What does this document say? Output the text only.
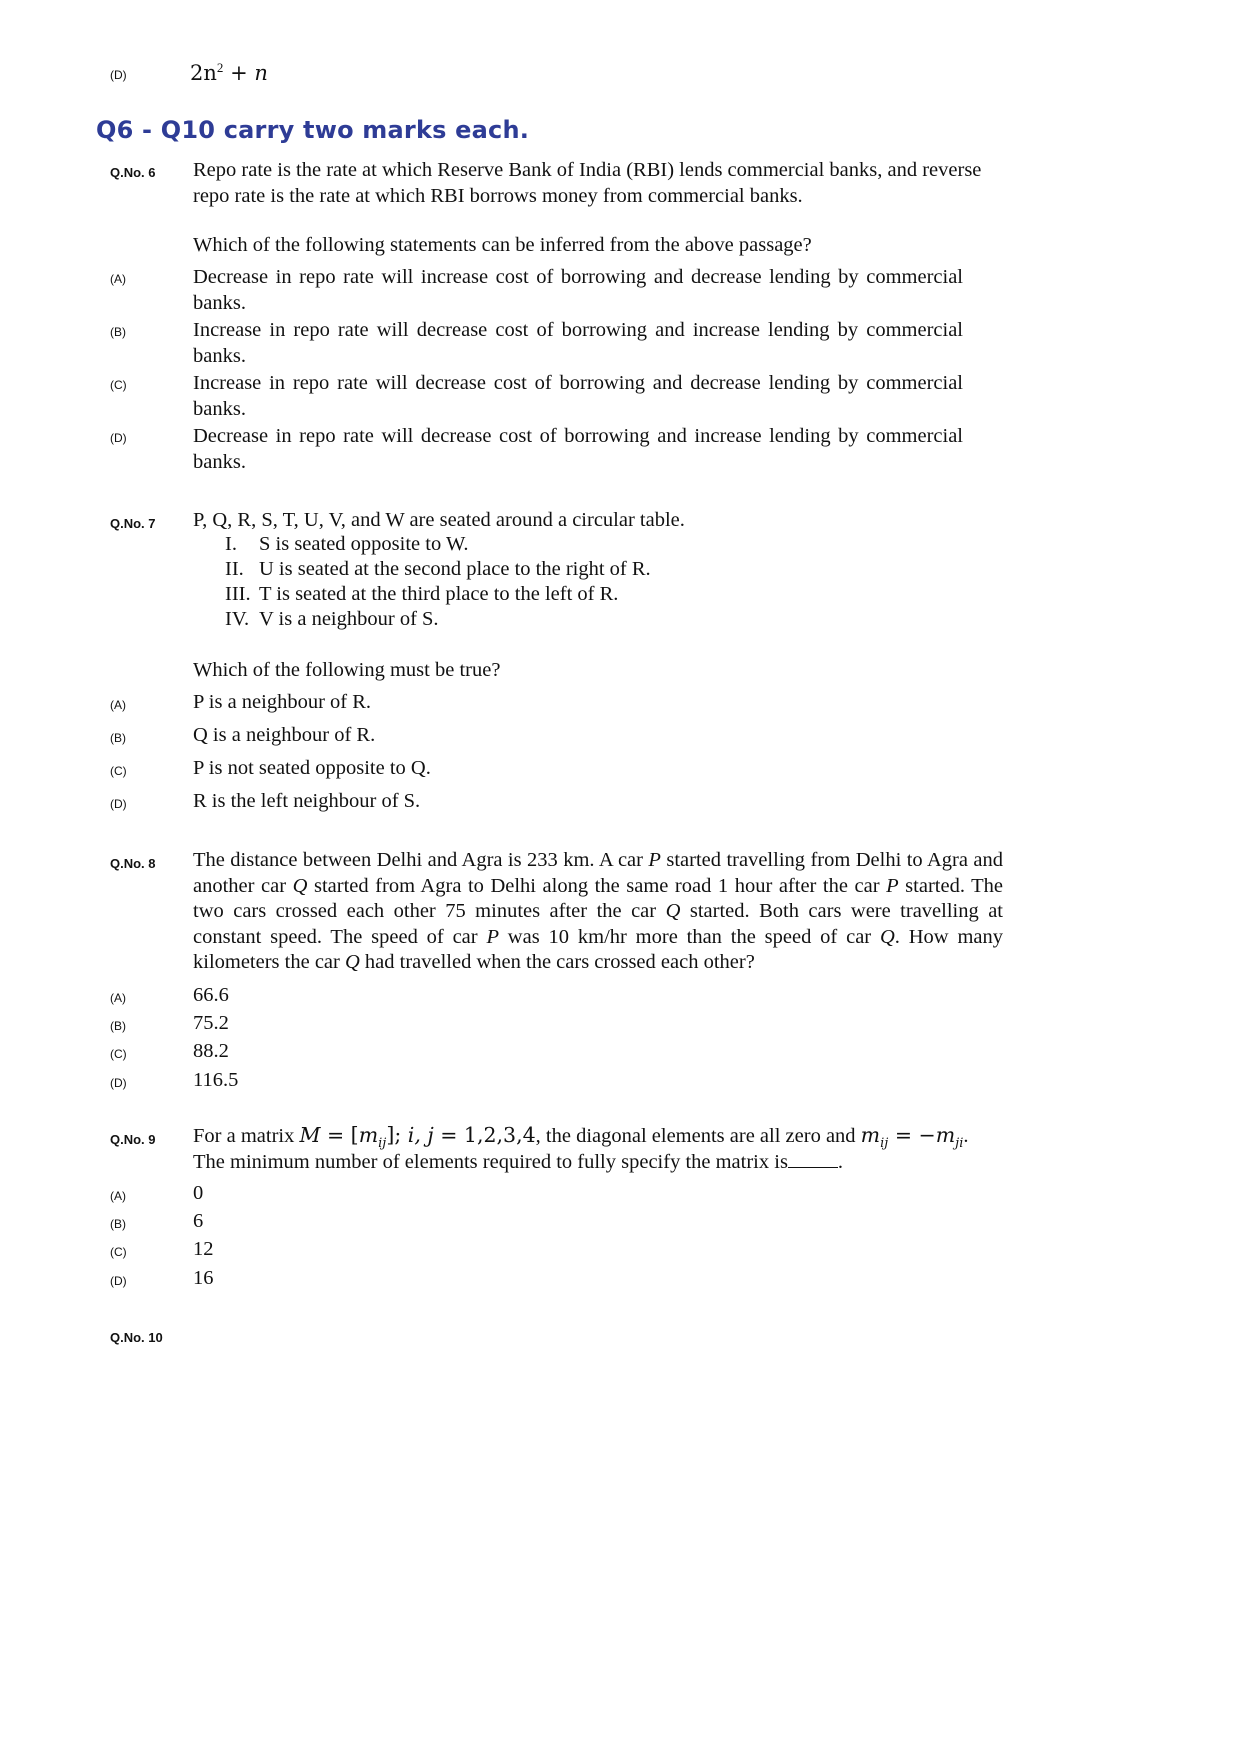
(D)	$2n^2 + n$
Q6 - Q10 carry two marks each.
Q.No. 6 Repo rate is the rate at which Reserve Bank of India (RBI) lends commercial banks, and reverse repo rate is the rate at which RBI borrows money from commercial banks.
Which of the following statements can be inferred from the above passage?
(A)	Decrease in repo rate will increase cost of borrowing and decrease lending by commercial banks.
(B)	Increase in repo rate will decrease cost of borrowing and increase lending by commercial banks.
(C)	Increase in repo rate will decrease cost of borrowing and decrease lending by commercial banks.
(D)	Decrease in repo rate will decrease cost of borrowing and increase lending by commercial banks.
Q.No. 7 P, Q, R, S, T, U, V, and W are seated around a circular table.
I. S is seated opposite to W.
II. U is seated at the second place to the right of R.
III. T is seated at the third place to the left of R.
IV. V is a neighbour of S.
Which of the following must be true?
(A)	P is a neighbour of R.
(B)	Q is a neighbour of R.
(C)	P is not seated opposite to Q.
(D)	R is the left neighbour of S.
Q.No. 8 The distance between Delhi and Agra is 233 km. A car P started travelling from Delhi to Agra and another car Q started from Agra to Delhi along the same road 1 hour after the car P started. The two cars crossed each other 75 minutes after the car Q started. Both cars were travelling at constant speed. The speed of car P was 10 km/hr more than the speed of car Q. How many kilometers the car Q had travelled when the cars crossed each other?
(A)	66.6
(B)	75.2
(C)	88.2
(D)	116.5
Q.No. 9 For a matrix $M = [m_{ij}]$; i, j = 1,2,3,4, the diagonal elements are all zero and $m_{ij} = -m_{ji}$.
The minimum number of elements required to fully specify the matrix is .
(A)	0
(B)	6
(C)	12
(D)	16
Q.No. 10
